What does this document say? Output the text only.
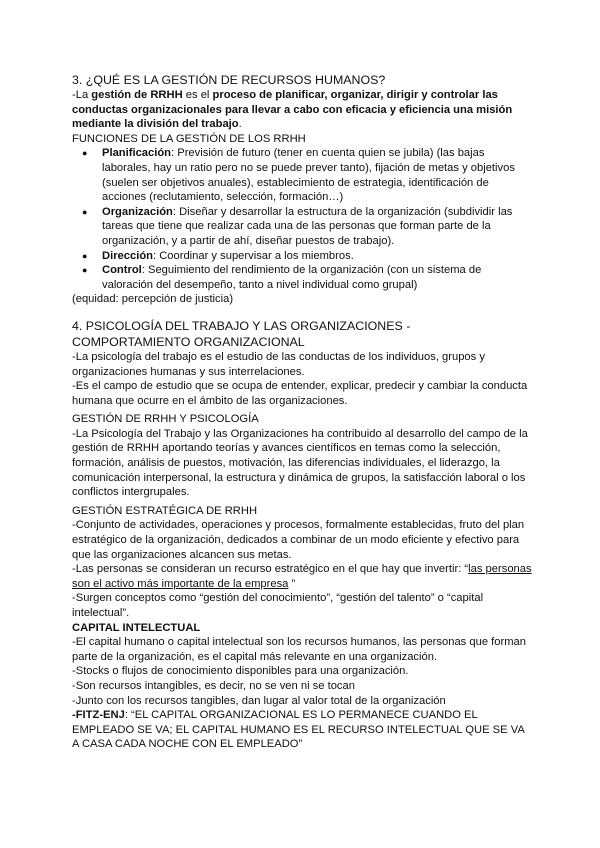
3. ¿QUÉ ES LA GESTIÓN DE RECURSOS HUMANOS?

-La gestión de RRHH es el proceso de planificar, organizar, dirigir y controlar las conductas organizacionales para llevar a cabo con eficacia y eficiencia una misión mediante la división del trabajo.

FUNCIONES DE LA GESTIÓN DE LOS RRHH

● Planificación: Previsión de futuro (tener en cuenta quien se jubila) (las bajas laborales, hay un ratio pero no se puede prever tanto), fijación de metas y objetivos (suelen ser objetivos anuales), establecimiento de estrategia, identificación de acciones (reclutamiento, selección, formación…)
● Organización: Diseñar y desarrollar la estructura de la organización (subdividir las tareas que tiene que realizar cada una de las personas que forman parte de la organización, y a partir de ahí, diseñar puestos de trabajo).
● Dirección: Coordinar y supervisar a los miembros.
● Control: Seguimiento del rendimiento de la organización (con un sistema de valoración del desempeño, tanto a nivel individual como grupal)

(equidad: percepción de justicia)

4. PSICOLOGÍA DEL TRABAJO Y LAS ORGANIZACIONES - COMPORTAMIENTO ORGANIZACIONAL

-La psicología del trabajo es el estudio de las conductas de los individuos, grupos y organizaciones humanas y sus interrelaciones.

-Es el campo de estudio que se ocupa de entender, explicar, predecir y cambiar la conducta humana que ocurre en el ámbito de las organizaciones.

GESTIÓN DE RRHH Y PSICOLOGÍA

-La Psicología del Trabajo y las Organizaciones ha contribuido al desarrollo del campo de la gestión de RRHH aportando teorías y avances científicos en temas como la selección, formación, análisis de puestos, motivación, las diferencias individuales, el liderazgo, la comunicación interpersonal, la estructura y dinámica de grupos, la satisfacción laboral o los conflictos intergrupales.

GESTIÓN ESTRATÉGICA DE RRHH

-Conjunto de actividades, operaciones y procesos, formalmente establecidas, fruto del plan estratégico de la organización, dedicados a combinar de un modo eficiente y efectivo para que las organizaciones alcancen sus metas.

-Las personas se consideran un recurso estratégico en el que hay que invertir: “las personas son el activo más importante de la empresa ”

-Surgen conceptos como “gestión del conocimiento”, “gestión del talento” o “capital intelectual”.

CAPITAL INTELECTUAL

-El capital humano o capital intelectual son los recursos humanos, las personas que forman parte de la organización, es el capital más relevante en una organización.

-Stocks o flujos de conocimiento disponibles para una organización.

-Son recursos intangibles, es decir, no se ven ni se tocan

-Junto con los recursos tangibles, dan lugar al valor total de la organización

-FITZ-ENJ: “EL CAPITAL ORGANIZACIONAL ES LO PERMANECE CUANDO EL EMPLEADO SE VA; EL CAPITAL HUMANO ES EL RECURSO INTELECTUAL QUE SE VA A CASA CADA NOCHE CON EL EMPLEADO”
